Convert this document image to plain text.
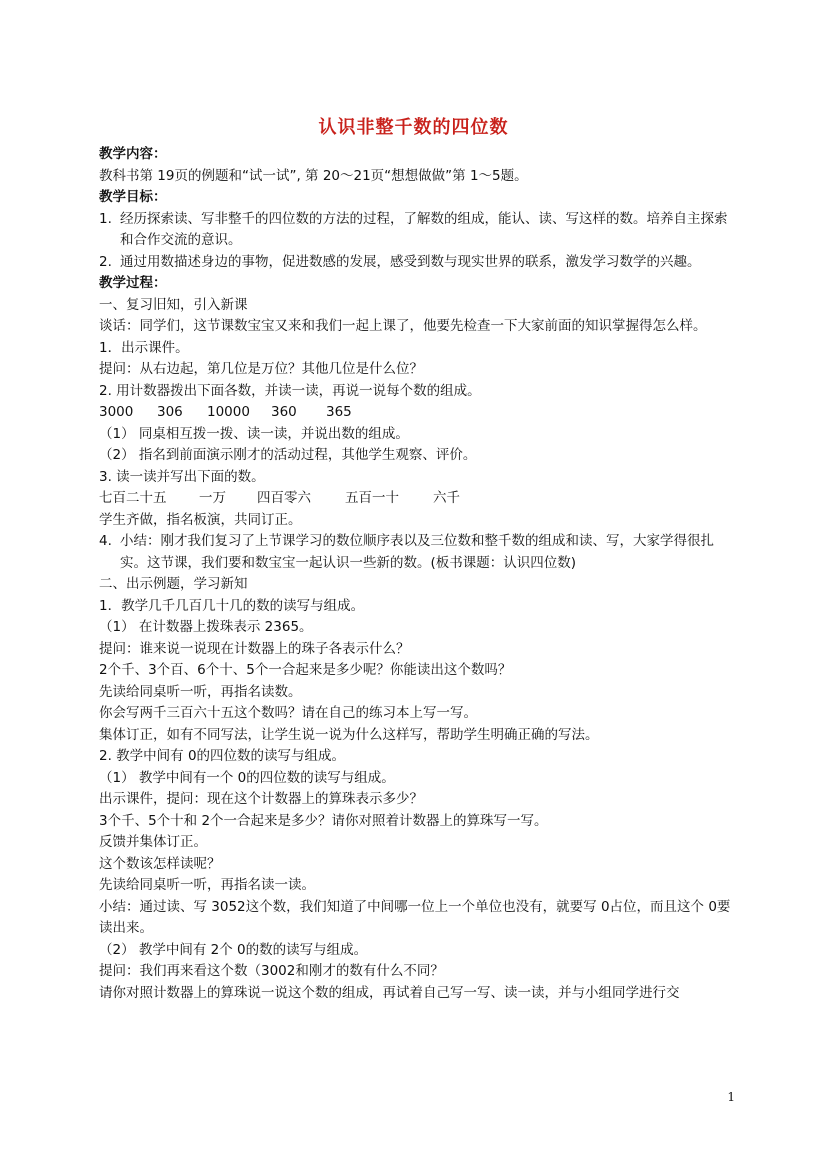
认识非整千数的四位数
教学内容：
教科书第 19页的例题和“试一试”, 第 20～21页“想想做做”第 1～5题。
教学目标：
1. 经历探索读、写非整千的四位数的方法的过程，了解数的组成，能认、读、写这样的数。培养自主探索和合作交流的意识。
2. 通过用数描述身边的事物，促进数感的发展，感受到数与现实世界的联系，激发学习数学的兴趣。
教学过程：
一、复习旧知，引入新课
谈话：同学们，这节课数宝宝又来和我们一起上课了，他要先检查一下大家前面的知识掌握得怎么样。
1．出示课件。
提问：从右边起，第几位是万位？其他几位是什么位？
2. 用计数器拨出下面各数，并读一读，再说一说每个数的组成。
3000 306 10000 360 365
（1） 同桌相互拨一拨、读一读，并说出数的组成。
（2） 指名到前面演示刚才的活动过程，其他学生观察、评价。
3. 读一读并写出下面的数。
七百二十五 一万 四百零六	五百一十	六千
学生齐做，指名板演，共同订正。
4. 小结：刚才我们复习了上节课学习的数位顺序表以及三位数和整千数的组成和读、写，大家学得很扎实。这节课，我们要和数宝宝一起认识一些新的数。(板书课题：认识四位数)
二、出示例题，学习新知
1．教学几千几百几十几的数的读写与组成。
（1） 在计数器上拨珠表示 2365。
提问：谁来说一说现在计数器上的珠子各表示什么？
2个千、3个百、6个十、5个一合起来是多少呢？你能读出这个数吗？
先读给同桌听一听，再指名读数。
你会写两千三百六十五这个数吗？请在自己的练习本上写一写。
集体订正，如有不同写法，让学生说一说为什么这样写，帮助学生明确正确的写法。
2. 教学中间有 0的四位数的读写与组成。
（1） 教学中间有一个 0的四位数的读写与组成。
出示课件，提问：现在这个计数器上的算珠表示多少？
3个千、5个十和 2个一合起来是多少？请你对照着计数器上的算珠写一写。
反馈并集体订正。
这个数该怎样读呢？
先读给同桌听一听，再指名读一读。
小结：通过读、写 3052这个数，我们知道了中间哪一位上一个单位也没有，就要写 0占位，而且这个 0要读出来。
（2） 教学中间有 2个 0的数的读写与组成。
提问：我们再来看这个数（3002和刚才的数有什么不同？
请你对照计数器上的算珠说一说这个数的组成，再试着自己写一写、读一读，并与小组同学进行交
1
